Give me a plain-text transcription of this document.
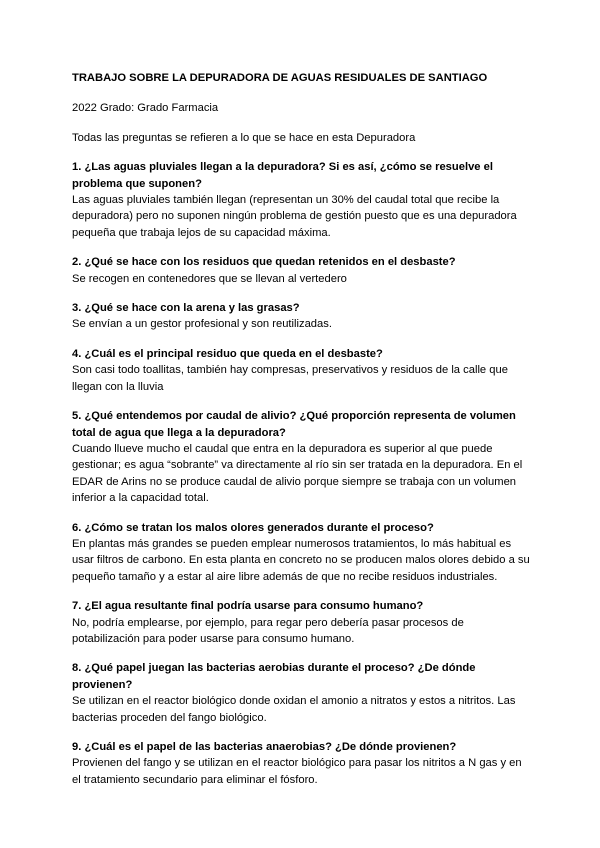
TRABAJO SOBRE LA DEPURADORA DE AGUAS RESIDUALES DE SANTIAGO
2022 Grado: Grado Farmacia
Todas las preguntas se refieren a lo que se hace en esta Depuradora

1. ¿Las aguas pluviales llegan a la depuradora? Si es así, ¿cómo se resuelve el problema que suponen?

Las aguas pluviales también llegan (representan un 30% del caudal total que recibe la depuradora) pero no suponen ningún problema de gestión puesto que es una depuradora pequeña que trabaja lejos de su capacidad máxima.

2. ¿Qué se hace con los residuos que quedan retenidos en el desbaste?

Se recogen en contenedores que se llevan al vertedero

3. ¿Qué se hace con la arena y las grasas?

Se envían a un gestor profesional y son reutilizadas.

4. ¿Cuál es el principal residuo que queda en el desbaste?

Son casi todo toallitas, también hay compresas, preservativos y residuos de la calle que llegan con la lluvia

5. ¿Qué entendemos por caudal de alivio? ¿Qué proporción representa de volumen total de agua que llega a la depuradora?

Cuando llueve mucho el caudal que entra en la depuradora es superior al que puede gestionar; es agua “sobrante” va directamente al río sin ser tratada en la depuradora. En el EDAR de Arins no se produce caudal de alivio porque siempre se trabaja con un volumen inferior a la capacidad total.

6. ¿Cómo se tratan los malos olores generados durante el proceso?

En plantas más grandes se pueden emplear numerosos tratamientos, lo más habitual es usar filtros de carbono. En esta planta en concreto no se producen malos olores debido a su pequeño tamaño y a estar al aire libre además de que no recibe residuos industriales.

7. ¿El agua resultante final podría usarse para consumo humano?

No, podría emplearse, por ejemplo, para regar pero debería pasar procesos de potabilización para poder usarse para consumo humano.

8. ¿Qué papel juegan las bacterias aerobias durante el proceso? ¿De dónde provienen?

Se utilizan en el reactor biológico donde oxidan el amonio a nitratos y estos a nitritos. Las bacterias proceden del fango biológico.

9. ¿Cuál es el papel de las bacterias anaerobias? ¿De dónde provienen?

Provienen del fango y se utilizan en el reactor biológico para pasar los nitritos a N gas y en el tratamiento secundario para eliminar el fósforo.
